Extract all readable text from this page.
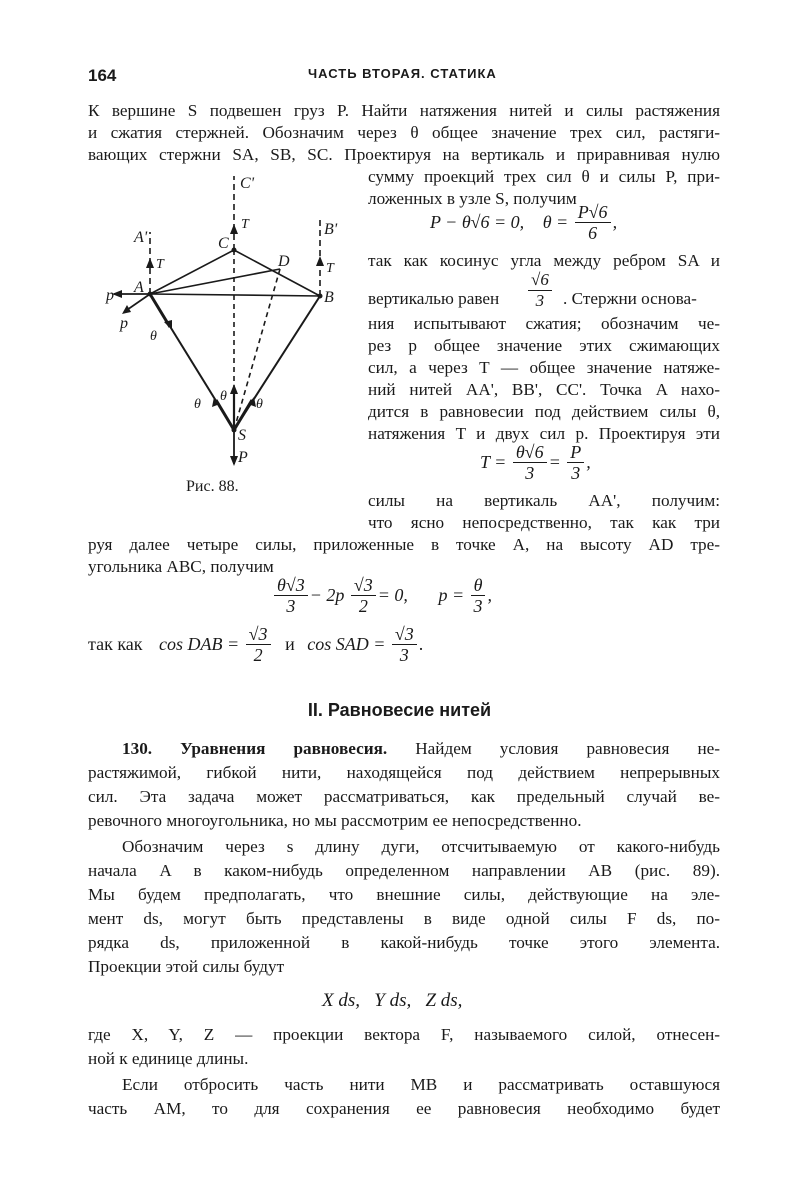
164	ЧАСТЬ ВТОРАЯ. СТАТИКА
К вершине S подвешен груз P. Найти натяжения нитей и силы растяжения
и сжатия стержней. Обозначим через θ общее значение трех сил, растяги-
вающих стержни SA, SB, SC. Проектируя на вертикаль и приравнивая нулю
сумму проекций трех сил θ и силы P, при-
ложенных в узле S, получим
P − θ√6 = 0, $\theta = \frac{P√6}{6}$ ,
так как косинус угла между ребром SA и
вертикалью равен $\frac{√6}{3}$ . Стержни основа-
ния испытывают сжатия; обозначим че-
рез p общее значение этих сжимающих
сил, а через T — общее значение натяже-
ний нитей AA', BB', CC'. Точка A нахо-
дится в равновесии под действием силы θ,
натяжения T и двух сил p. Проектируя эти
$T = \frac{\theta√6}{3} = \frac{P}{3}$ ,
силы на вертикаль AA', получим:
что ясно непосредственно, так как три
Рис. 88.
C'
T
C
B'
A'
D
T	T
p A
B
p
θ
θ
θ
θ
S
P
руя далее четыре силы, приложенные в точке A, на высоту AD тре-
угольника ABC, получим
$\frac{\theta√3}{3} - 2p \frac{√3}{2} = 0$, $p = \frac{\theta}{3}$ ,
так как cos DAB = $\frac{√3}{2}$ и cos SAD = $\frac{√3}{3}$ .
II. Равновесие нитей
130. Уравнения равновесия. Найдем условия равновесия не-
растяжимой, гибкой нити, находящейся под действием непрерывных
сил. Эта задача может рассматриваться, как предельный случай ве-
ревочного многоугольника, но мы рассмотрим ее непосредственно.
Обозначим через s длину дуги, отсчитываемую от какого-нибудь
начала A в каком-нибудь определенном направлении AB (рис. 89).
Мы будем предполагать, что внешние силы, действующие на эле-
мент ds, могут быть представлены в виде одной силы F ds, по-
рядка ds, приложенной в какой-нибудь точке этого элемента.
Проекции этой силы будут
X ds,   Y ds,   Z ds,
где X, Y, Z — проекции вектора F, называемого силой, отнесен-
ной к единице длины.
Если отбросить часть нити MB и рассматривать оставшуюся
часть AM, то для сохранения ее равновесия необходимо будет
